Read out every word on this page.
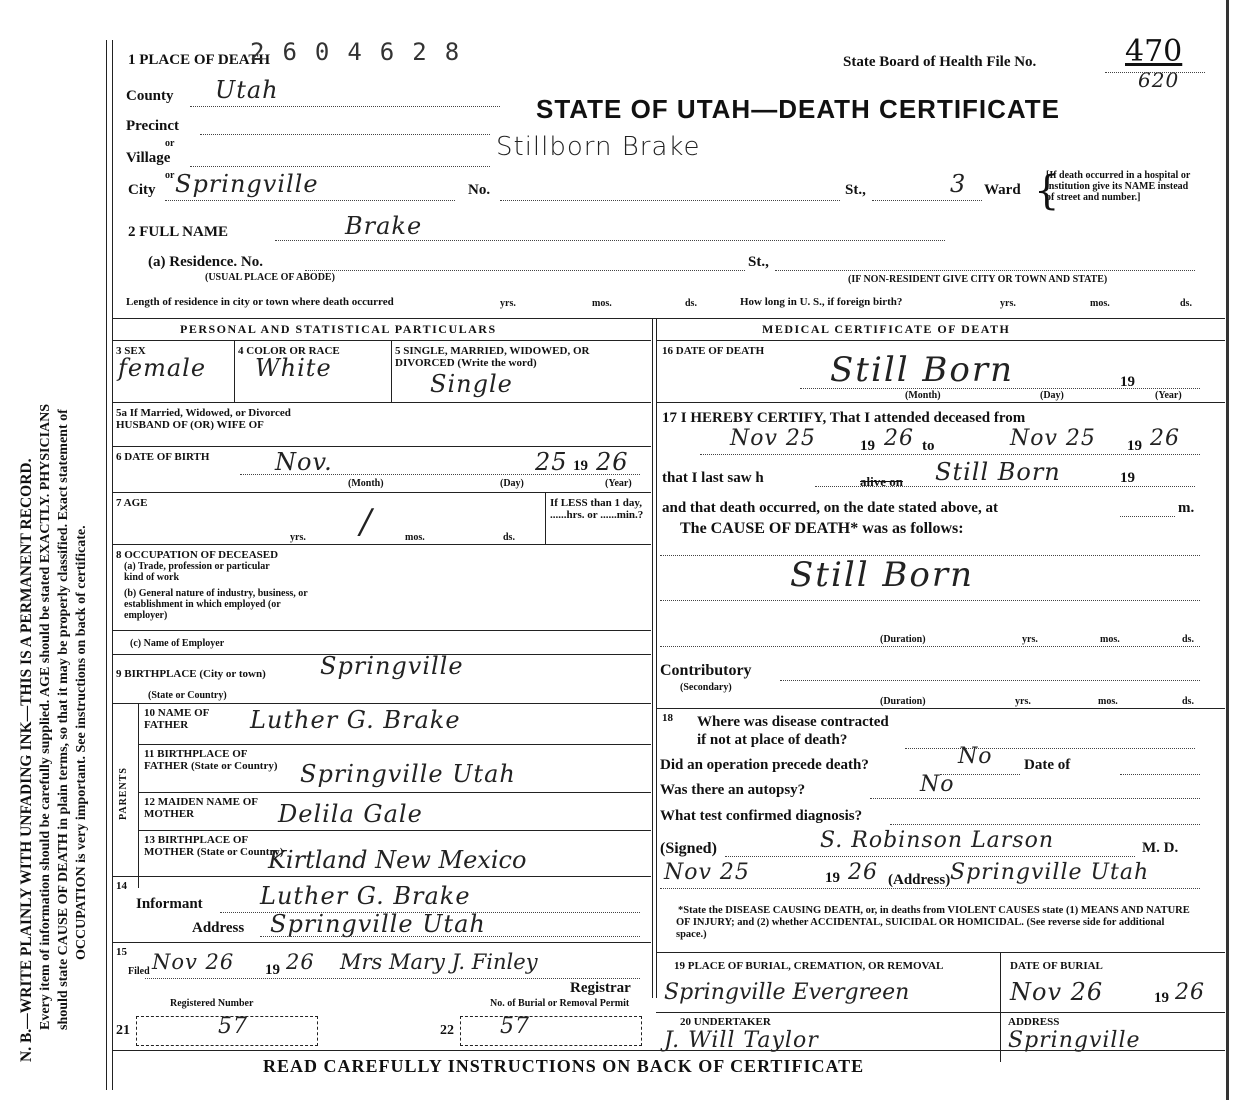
N. B.—WRITE PLAINLY WITH UNFADING INK—THIS IS A PERMANENT RECORD. Every item of information should be carefully supplied. AGE should be stated EXACTLY. PHYSICIANS should state CAUSE OF DEATH in plain terms, so that it may be properly classified. Exact statement of OCCUPATION is very important. See instructions on back of certificate.
1 PLACE OF DEATH
2604628	State Board of Health File No.	470
620
County Utah
STATE OF UTAH—DEATH CERTIFICATE
Precinct
or
Village	Stillborn Brake
or
City Springville	No.	St.,	3 Ward {
[If death occurred in a hospital or institution give its NAME instead of street and number.]
2 FULL NAME	Brake
(a) Residence. No.
(USUAL PLACE OF ABODE)
St.,
(IF NON-RESIDENT GIVE CITY OR TOWN AND STATE)
Length of residence in city or town where death occurred	yrs.	mos.	ds.	How long in U. S., if foreign birth?	yrs.	mos.	ds.
PERSONAL AND STATISTICAL PARTICULARS
3 SEX
female
4 COLOR OR RACE
White
5 SINGLE, MARRIED, WIDOWED, OR DIVORCED (Write the word)
Single
5a If Married, Widowed, or Divorced HUSBAND OF (OR) WIFE OF
6 DATE OF BIRTH	Nov.	25 19 26
(Month)	(Day)	(Year)
7 AGE	/
yrs.	mos.	ds.
If LESS than 1 day, ......hrs. or ......min.?
8 OCCUPATION OF DECEASED
(a) Trade, profession or particular kind of work
(b) General nature of industry, business, or establishment in which employed (or employer)
(c) Name of Employer
9 BIRTHPLACE (City or town) Springville
(State or Country)
PARENTS
10 NAME OF FATHER	Luther G. Brake
11 BIRTHPLACE OF FATHER (State or Country) Springville Utah
12 MAIDEN NAME OF MOTHER	Delila Gale
13 BIRTHPLACE OF MOTHER (State or Country)
Kirtland New Mexico
14
Informant Luther G. Brake
Address Springville Utah
15
Filed Nov 26 19 26 Mrs Mary J. Finley
Registrar
Registered Number	No. of Burial or Removal Permit
21	57	22 57
MEDICAL CERTIFICATE OF DEATH
16 DATE OF DEATH Still Born	19
(Month)	(Day)	(Year)
17 I HEREBY CERTIFY, That I attended deceased from
Nov 25	19 26 to	Nov 25 19 26
that I last saw h	alive on Still Born	19
and that death occurred, on the date stated above, at	m.
The CAUSE OF DEATH* was as follows:
Still Born
(Duration)	yrs.	mos.	ds.
Contributory
(Secondary)
(Duration)	yrs.	mos.	ds.
18 Where was disease contracted
if not at place of death?
Did an operation precede death?	No Date of
Was there an autopsy?	No
What test confirmed diagnosis?
(Signed)	S. Robinson Larson	M. D.
Nov 25	19 26 (Address) Springville Utah
*State the DISEASE CAUSING DEATH, or, in deaths from VIOLENT CAUSES state (1) MEANS AND NATURE OF INJURY; and (2) whether ACCIDENTAL, SUICIDAL OR HOMICIDAL. (See reverse side for additional space.)
19 PLACE OF BURIAL, CREMATION, OR REMOVAL	DATE OF BURIAL
Springville Evergreen	Nov 26	19 26
20 UNDERTAKER
J. Will Taylor
ADDRESS
Springville
READ CAREFULLY INSTRUCTIONS ON BACK OF CERTIFICATE
